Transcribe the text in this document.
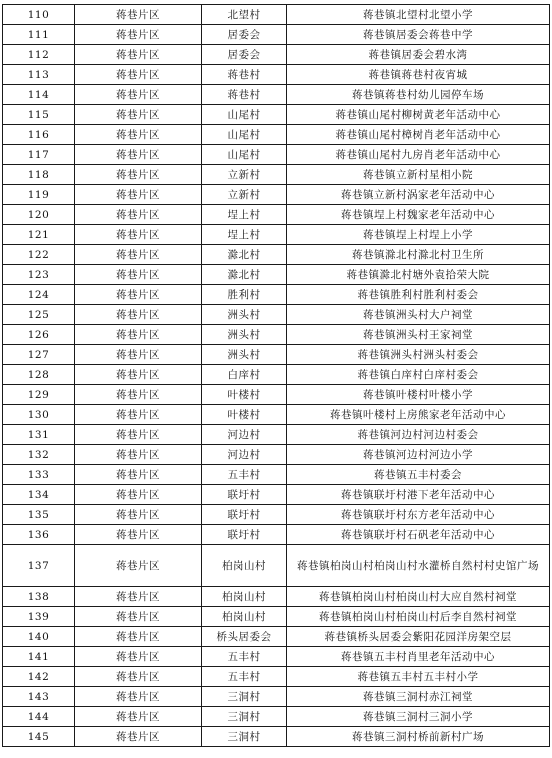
110	蒋巷片区	北望村	蒋巷镇北望村北望小学
111	蒋巷片区	居委会	蒋巷镇居委会蒋巷中学
112	蒋巷片区	居委会	蒋巷镇居委会碧水湾
113	蒋巷片区	蒋巷村	蒋巷镇蒋巷村夜宵城
114	蒋巷片区	蒋巷村	蒋巷镇蒋巷村幼儿园停车场
115	蒋巷片区	山尾村	蒋巷镇山尾村柳树黄老年活动中心
116	蒋巷片区	山尾村	蒋巷镇山尾村樟树肖老年活动中心
117	蒋巷片区	山尾村	蒋巷镇山尾村九房肖老年活动中心
118	蒋巷片区	立新村	蒋巷镇立新村星相小院
119	蒋巷片区	立新村	蒋巷镇立新村涡家老年活动中心
120	蒋巷片区	埕上村	蒋巷镇埕上村魏家老年活动中心
121	蒋巷片区	埕上村	蒋巷镇埕上村埕上小学
122	蒋巷片区	滁北村	蒋巷镇滁北村滁北村卫生所
123	蒋巷片区	滁北村	蒋巷镇滁北村塘外袁拾荣大院
124	蒋巷片区	胜利村	蒋巷镇胜利村胜利村委会
125	蒋巷片区	洲头村	蒋巷镇洲头村大户祠堂
126	蒋巷片区	洲头村	蒋巷镇洲头村王家祠堂
127	蒋巷片区	洲头村	蒋巷镇洲头村洲头村委会
128	蒋巷片区	白庠村	蒋巷镇白庠村白庠村委会
129	蒋巷片区	叶楼村	蒋巷镇叶楼村叶楼小学
130	蒋巷片区	叶楼村	蒋巷镇叶楼村上房熊家老年活动中心
131	蒋巷片区	河边村	蒋巷镇河边村河边村委会
132	蒋巷片区	河边村	蒋巷镇河边村河边小学
133	蒋巷片区	五丰村	蒋巷镇五丰村委会
134	蒋巷片区	联圩村	蒋巷镇联圩村港下老年活动中心
135	蒋巷片区	联圩村	蒋巷镇联圩村东方老年活动中心
136	蒋巷片区	联圩村	蒋巷镇联圩村石矾老年活动中心
137	蒋巷片区	柏岗山村	蒋巷镇柏岗山村柏岗山村水灌桥自然村村史馆广场
138	蒋巷片区	柏岗山村	蒋巷镇柏岗山村柏岗山村大应自然村祠堂
139	蒋巷片区	柏岗山村	蒋巷镇柏岗山村柏岗山村后李自然村祠堂
140	蒋巷片区	桥头居委会	蒋巷镇桥头居委会紫阳花园洋房架空层
141	蒋巷片区	五丰村	蒋巷镇五丰村肖里老年活动中心
142	蒋巷片区	五丰村	蒋巷镇五丰村五丰村小学
143	蒋巷片区	三洞村	蒋巷镇三洞村赤江祠堂
144	蒋巷片区	三洞村	蒋巷镇三洞村三洞小学
145	蒋巷片区	三洞村	蒋巷镇三洞村桥前新村广场
